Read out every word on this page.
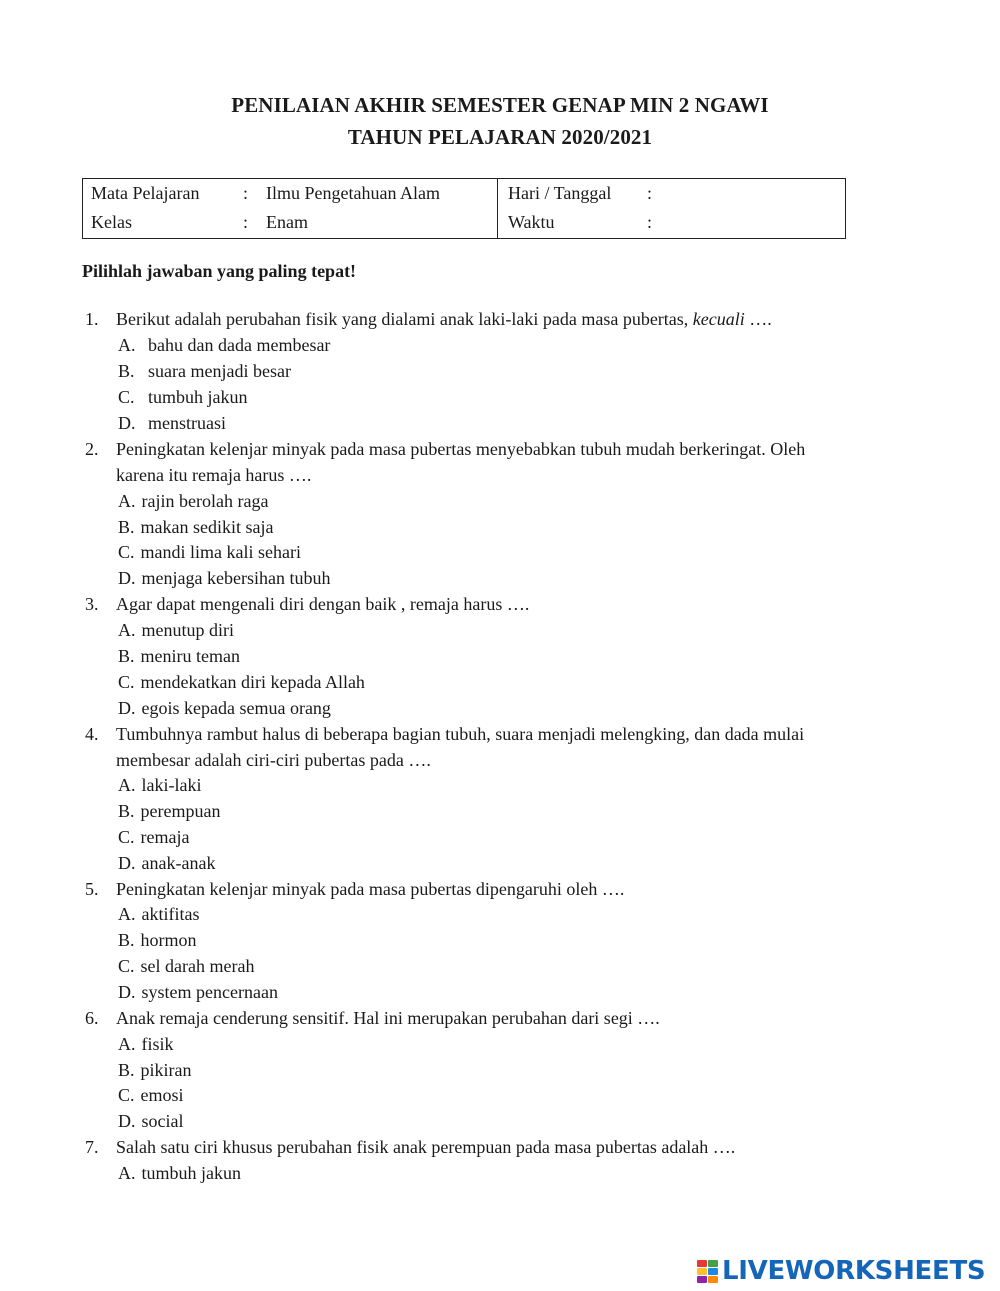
PENILAIAN AKHIR SEMESTER GENAP MIN 2 NGAWI
TAHUN PELAJARAN 2020/2021
Mata Pelajaran : Ilmu Pengetahuan Alam
Kelas	: Enam
Hari / Tanggal :
Waktu	:
Pilihlah jawaban yang paling tepat!
1. Berikut adalah perubahan fisik yang dialami anak laki-laki pada masa pubertas, kecuali ….
A. bahu dan dada membesar
B. suara menjadi besar
C. tumbuh jakun
D. menstruasi
2. Peningkatan kelenjar minyak pada masa pubertas menyebabkan tubuh mudah berkeringat. Oleh
karena itu remaja harus ….
A. rajin berolah raga
B. makan sedikit saja
C. mandi lima kali sehari
D. menjaga kebersihan tubuh
3. Agar dapat mengenali diri dengan baik , remaja harus ….
A. menutup diri
B. meniru teman
C. mendekatkan diri kepada Allah
D. egois kepada semua orang
4. Tumbuhnya rambut halus di beberapa bagian tubuh, suara menjadi melengking, dan dada mulai
membesar adalah ciri-ciri pubertas pada ….
A. laki-laki
B. perempuan
C. remaja
D. anak-anak
5. Peningkatan kelenjar minyak pada masa pubertas dipengaruhi oleh ….
A. aktifitas
B. hormon
C. sel darah merah
D. system pencernaan
6. Anak remaja cenderung sensitif. Hal ini merupakan perubahan dari segi ….
A. fisik
B. pikiran
C. emosi
D. social
7. Salah satu ciri khusus perubahan fisik anak perempuan pada masa pubertas adalah ….
A. tumbuh jakun
LIVEWORKSHEETS
